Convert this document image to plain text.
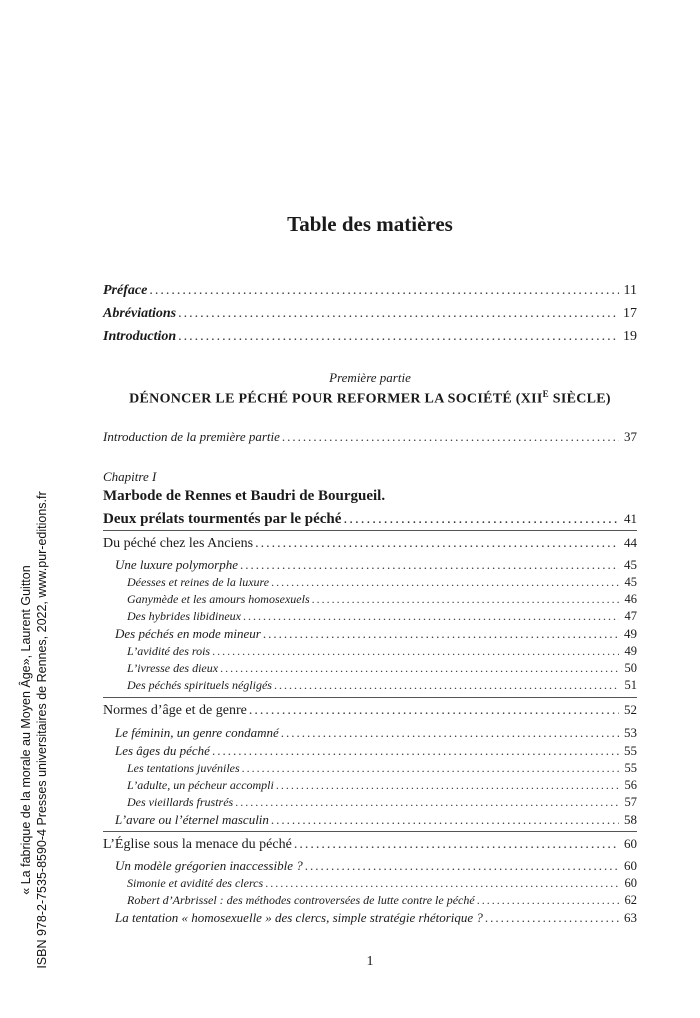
Table des matières
Préface .....	11
Abréviations .....	17
Introduction .....	19
Première partie
DÉNONCER LE PÉCHÉ POUR REFORMER LA SOCIÉTÉ ($XII^E$ SIÈCLE)
Introduction de la première partie .....	37
Chapitre I
Marbode de Rennes et Baudri de Bourgueil.
Deux prélats tourmentés par le péché .....	41
Du péché chez les Anciens .....	44
Une luxure polymorphe .....	45
Déesses et reines de la luxure .....	45
Ganymède et les amours homosexuels .....	46
Des hybrides libidineux .....	47
Des péchés en mode mineur .....	49
L’avidité des rois .....	49
L’ivresse des dieux .....	50
Des péchés spirituels négligés .....	51
Normes d’âge et de genre .....	52
Le féminin, un genre condamné .....	53
Les âges du péché .....	55
Les tentations juvéniles .....	55
L’adulte, un pécheur accompli .....	56
Des vieillards frustrés .....	57
L’avare ou l’éternel masculin .....	58
L’Église sous la menace du péché .....	60
Un modèle grégorien inaccessible ? .....	60
Simonie et avidité des clercs .....	60
Robert d’Arbrissel : des méthodes controversées de lutte contre le péché .....	62
La tentation « homosexuelle » des clercs, simple stratégie rhétorique ? .....	63
« La fabrique de la morale au Moyen Âge», Laurent Guitton ISBN 978-2-7535-8590-4 Presses universitaires de Rennes, 2022, www.pur-editions.fr	1
